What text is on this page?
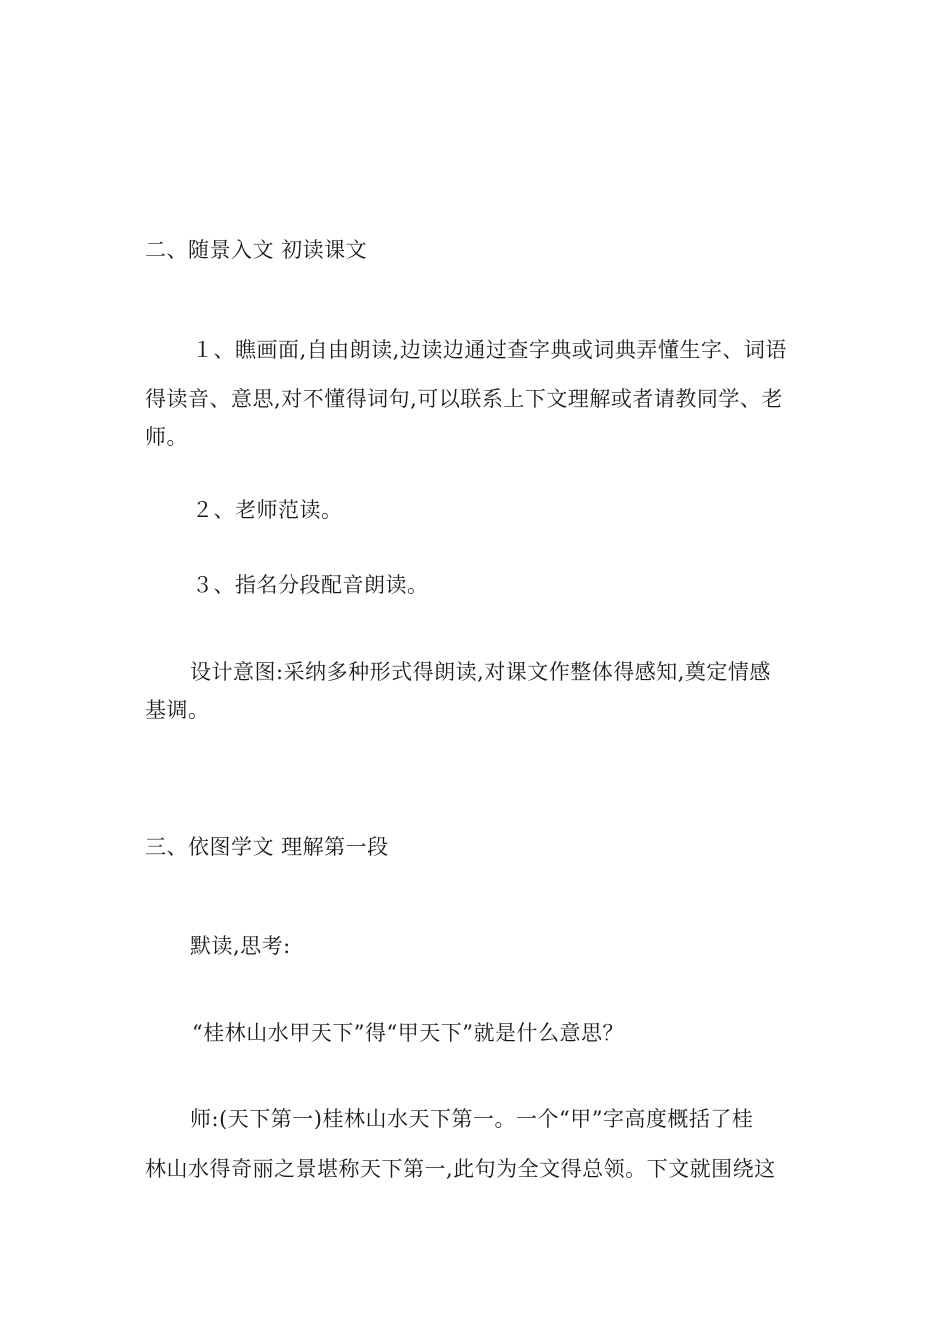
二、随景入文 初读课文
１、瞧画面,自由朗读,边读边通过查字典或词典弄懂生字、词语
得读音、意思,对不懂得词句,可以联系上下文理解或者请教同学、老
师。
２、老师范读。
３、指名分段配音朗读。
设计意图:采纳多种形式得朗读,对课文作整体得感知,奠定情感
基调。
三、依图学文 理解第一段
默读,思考:
“桂林山水甲天下”得“甲天下”就是什么意思？
师:(天下第一)桂林山水天下第一。一个“甲”字高度概括了桂
林山水得奇丽之景堪称天下第一,此句为全文得总领。下文就围绕这
